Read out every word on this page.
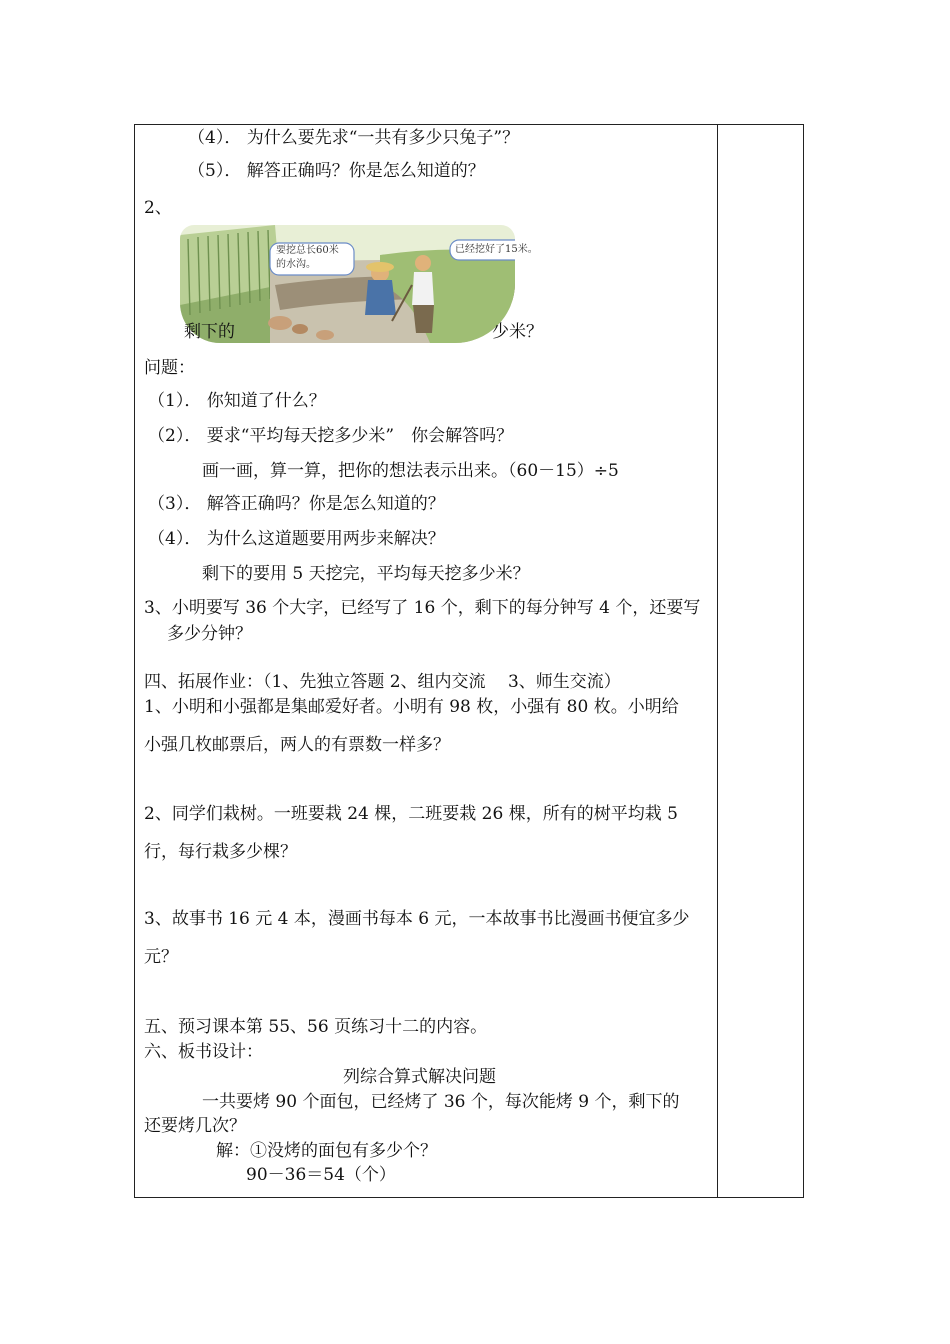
（4）． 为什么要先求“一共有多少只兔子”？
（5）． 解答正确吗？你是怎么知道的？
2、
要挖总长60米
的水沟。
已经挖好了15米。
剩下的	少米？
问题：
（1）． 你知道了什么？
（2）． 要求“平均每天挖多少米”　你会解答吗？
画一画，算一算，把你的想法表示出来。（60－15）÷5
（3）． 解答正确吗？你是怎么知道的？
（4）． 为什么这道题要用两步来解决？
剩下的要用 5 天挖完，平均每天挖多少米？
3、小明要写 36 个大字，已经写了 16 个，剩下的每分钟写 4 个，还要写
多少分钟？
四、拓展作业：（1、先独立答题 2、组内交流　 3、师生交流）
1、小明和小强都是集邮爱好者。小明有 98 枚，小强有 80 枚。小明给
小强几枚邮票后，两人的有票数一样多？
2、同学们栽树。一班要栽 24 棵，二班要栽 26 棵，所有的树平均栽 5
行，每行栽多少棵？
3、故事书 16 元 4 本，漫画书每本 6 元，一本故事书比漫画书便宜多少
元？
五、预习课本第 55、56 页练习十二的内容。
六、板书设计：
列综合算式解决问题
一共要烤 90 个面包，已经烤了 36 个，每次能烤 9 个，剩下的
还要烤几次？
解：①没烤的面包有多少个？
90－36＝54（个）
